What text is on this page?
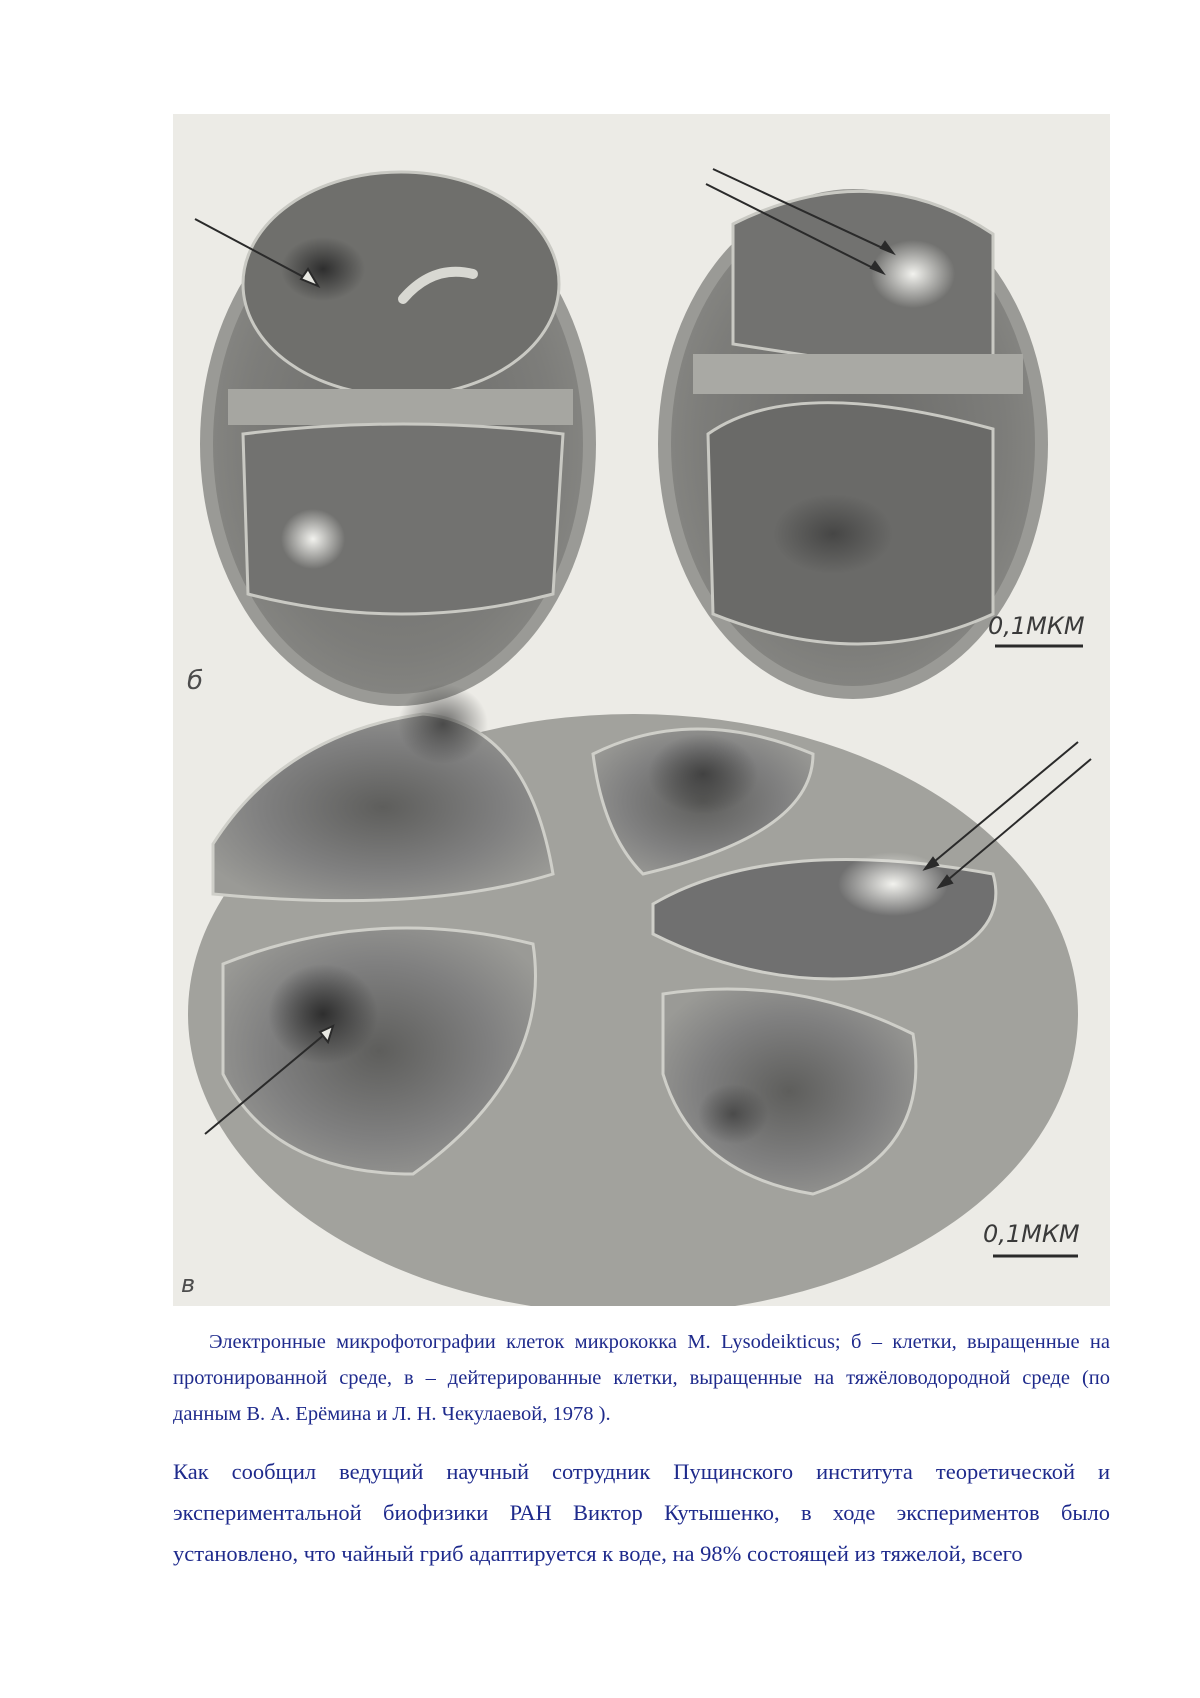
б
0,1МКМ
в
0,1МКМ

Электронные микрофотографии клеток микрококка M. Lysodeikticus; б – клетки, выращенные на протонированной среде, в – дейтерированные клетки, выращенные на тяжёловодородной среде (по данным В. А. Ерёмина и Л. Н. Чекулаевой, 1978 ).

Как сообщил ведущий научный сотрудник Пущинского института теоретической и экспериментальной биофизики РАН Виктор Кутышенко, в ходе экспериментов было установлено, что чайный гриб адаптируется к воде, на 98% состоящей из тяжелой, всего
